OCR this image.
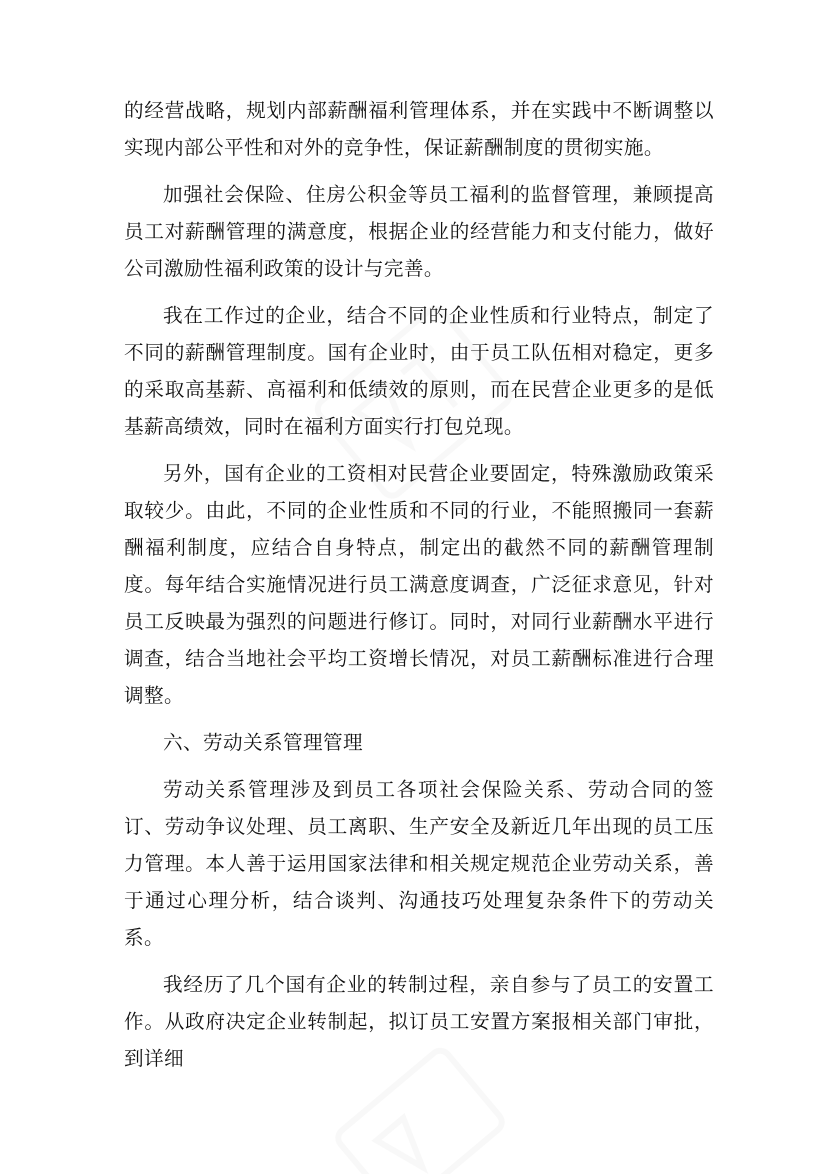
的经营战略，规划内部薪酬福利管理体系，并在实践中不断调整以实现内部公平性和对外的竞争性，保证薪酬制度的贯彻实施。

加强社会保险、住房公积金等员工福利的监督管理，兼顾提高员工对薪酬管理的满意度，根据企业的经营能力和支付能力，做好公司激励性福利政策的设计与完善。

我在工作过的企业，结合不同的企业性质和行业特点，制定了不同的薪酬管理制度。国有企业时，由于员工队伍相对稳定，更多的采取高基薪、高福利和低绩效的原则，而在民营企业更多的是低基薪高绩效，同时在福利方面实行打包兑现。

另外，国有企业的工资相对民营企业要固定，特殊激励政策采取较少。由此，不同的企业性质和不同的行业，不能照搬同一套薪酬福利制度，应结合自身特点，制定出的截然不同的薪酬管理制度。每年结合实施情况进行员工满意度调查，广泛征求意见，针对员工反映最为强烈的问题进行修订。同时，对同行业薪酬水平进行调查，结合当地社会平均工资增长情况，对员工薪酬标准进行合理调整。

六、劳动关系管理管理

劳动关系管理涉及到员工各项社会保险关系、劳动合同的签订、劳动争议处理、员工离职、生产安全及新近几年出现的员工压力管理。本人善于运用国家法律和相关规定规范企业劳动关系，善于通过心理分析，结合谈判、沟通技巧处理复杂条件下的劳动关系。

我经历了几个国有企业的转制过程，亲自参与了员工的安置工作。从政府决定企业转制起，拟订员工安置方案报相关部门审批，到详细
